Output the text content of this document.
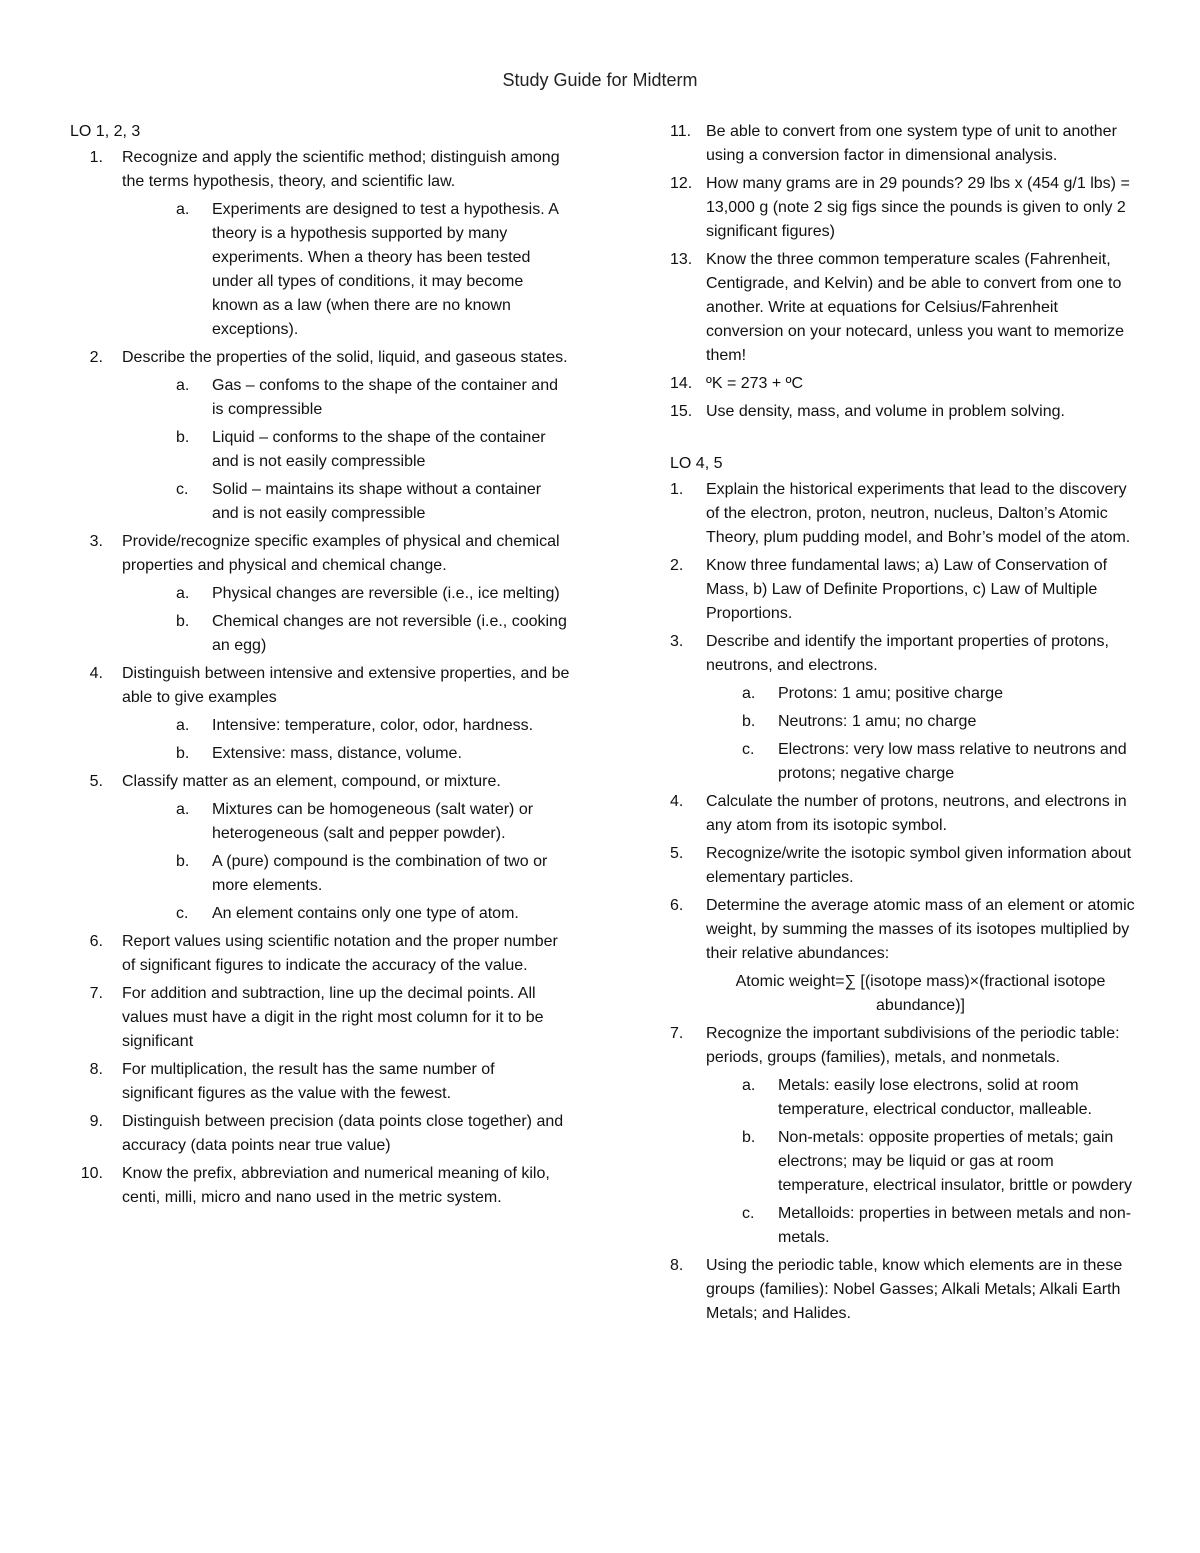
Study Guide for Midterm
LO 1, 2, 3
1.	Recognize and apply the scientific method; distinguish among the terms hypothesis, theory, and scientific law.
a.	Experiments are designed to test a hypothesis. A theory is a hypothesis supported by many experiments. When a theory has been tested under all types of conditions, it may become known as a law (when there are no known exceptions).
2.	Describe the properties of the solid, liquid, and gaseous states.
a.	Gas – confoms to the shape of the container and is compressible
b.	Liquid – conforms to the shape of the container and is not easily compressible
c.	Solid – maintains its shape without a container and is not easily compressible
3.	Provide/recognize specific examples of physical and chemical properties and physical and chemical change.
a.	Physical changes are reversible (i.e., ice melting)
b.	Chemical changes are not reversible (i.e., cooking an egg)
4.	Distinguish between intensive and extensive properties, and be able to give examples
a.	Intensive: temperature, color, odor, hardness.
b.	Extensive: mass, distance, volume.
5.	Classify matter as an element, compound, or mixture.
a.	Mixtures can be homogeneous (salt water) or heterogeneous (salt and pepper powder).
b.	A (pure) compound is the combination of two or more elements.
c.	An element contains only one type of atom.
6.	Report values using scientific notation and the proper number of significant figures to indicate the accuracy of the value.
7.	For addition and subtraction, line up the decimal points. All values must have a digit in the right most column for it to be significant
8.	For multiplication, the result has the same number of significant figures as the value with the fewest.
9.	Distinguish between precision (data points close together) and accuracy (data points near true value)
10.	Know the prefix, abbreviation and numerical meaning of kilo, centi, milli, micro and nano used in the metric system.
11. Be able to convert from one system type of unit to another using a conversion factor in dimensional analysis.
12. How many grams are in 29 pounds? 29 lbs x (454 g/1 lbs) = 13,000 g (note 2 sig figs since the pounds is given to only 2 significant figures)
13. Know the three common temperature scales (Fahrenheit, Centigrade, and Kelvin) and be able to convert from one to another. Write at equations for Celsius/Fahrenheit conversion on your notecard, unless you want to memorize them!
14. ºK = 273 + ºC
15. Use density, mass, and volume in problem solving.
LO 4, 5
1.	Explain the historical experiments that lead to the discovery of the electron, proton, neutron, nucleus, Dalton’s Atomic Theory, plum pudding model, and Bohr’s model of the atom.
2.	Know three fundamental laws; a) Law of Conservation of Mass, b) Law of Definite Proportions, c) Law of Multiple Proportions.
3.	Describe and identify the important properties of protons, neutrons, and electrons.
a.	Protons: 1 amu; positive charge
b.	Neutrons: 1 amu; no charge
c.	Electrons: very low mass relative to neutrons and protons; negative charge
4.	Calculate the number of protons, neutrons, and electrons in any atom from its isotopic symbol.
5.	Recognize/write the isotopic symbol given information about elementary particles.
6.	Determine the average atomic mass of an element or atomic weight, by summing the masses of its isotopes multiplied by their relative abundances:
Atomic weight=∑ [(isotope mass)×(fractional isotope abundance)]
7.	Recognize the important subdivisions of the periodic table: periods, groups (families), metals, and nonmetals.
a.	Metals: easily lose electrons, solid at room temperature, electrical conductor, malleable.
b.	Non-metals: opposite properties of metals; gain electrons; may be liquid or gas at room temperature, electrical insulator, brittle or powdery
c.	Metalloids: properties in between metals and non-metals.
8.	Using the periodic table, know which elements are in these groups (families): Nobel Gasses; Alkali Metals; Alkali Earth Metals; and Halides.
